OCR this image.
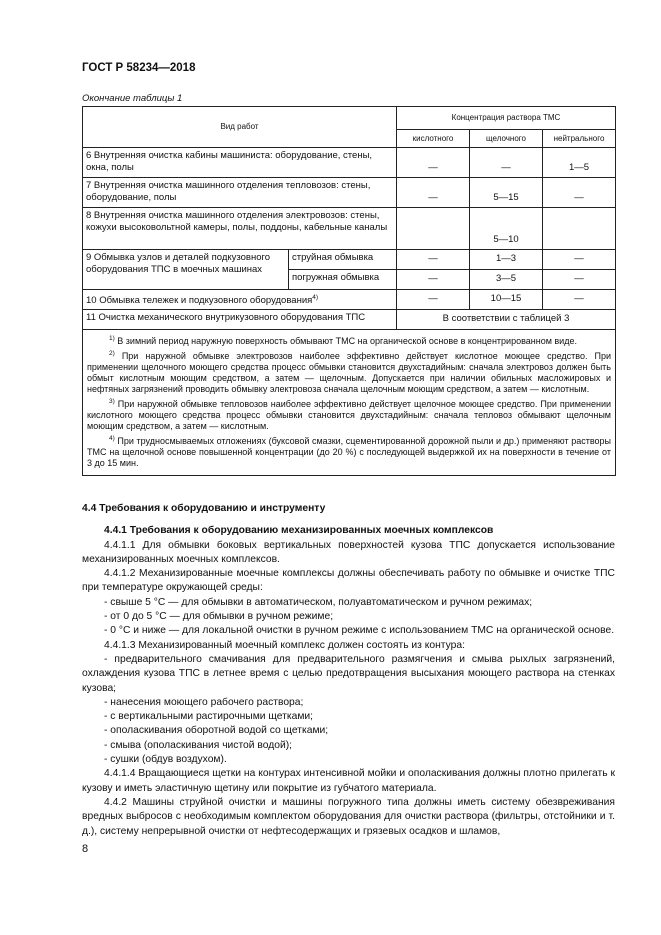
ГОСТ Р 58234—2018
Окончание таблицы 1
Вид работ		Концентрация раствора ТМС		
		кислотного	щелочного	нейтрального
6 Внутренняя очистка кабины машиниста: оборудование, стены, окна, полы		—	—	1—5
7 Внутренняя очистка машинного отделения тепловозов: стены, оборудование, полы		—	5—15	—
8 Внутренняя очистка машинного отделения электровозов: стены, кожухи высоковольтной камеры, полы, поддоны, кабельные каналы			5—10	
9 Обмывка узлов и деталей подкузовного оборудования ТПС в моечных машинах	струйная обмывка	—	1—3	—
	погружная обмывка	—	3—5	—
10 Обмывка тележек и подкузовного оборудования$^{4)}$		—	10—15	—
11 Очистка механического внутрикузовного оборудования ТПС		В соответствии с таблицей 3		

$^{1)}$ В зимний период наружную поверхность обмывают ТМС на органической основе в концентрированном виде.

$^{2)}$ При наружной обмывке электровозов наиболее эффективно действует кислотное моющее средство. При применении щелочного моющего средства процесс обмывки становится двухстадийным: сначала электровоз должен быть обмыт кислотным моющим средством, а затем — щелочным. Допускается при наличии обильных масложировых и нефтяных загрязнений проводить обмывку электровоза сначала щелочным моющим средством, а затем — кислотным.

$^{3)}$ При наружной обмывке тепловозов наиболее эффективно действует щелочное моющее средство. При применении кислотного моющего средства процесс обмывки становится двухстадийным: сначала тепловоз обмывают щелочным моющим средством, а затем — кислотным.

$^{4)}$ При трудносмываемых отложениях (буксовой смазки, сцементированной дорожной пыли и др.) применяют растворы ТМС на щелочной основе повышенной концентрации (до 20 %) с последующей выдержкой их на поверхности в течение от 3 до 15 мин.				

4.4 Требования к оборудованию и инструменту

4.4.1 Требования к оборудованию механизированных моечных комплексов

4.4.1.1 Для обмывки боковых вертикальных поверхностей кузова ТПС допускается использование механизированных моечных комплексов.

4.4.1.2 Механизированные моечные комплексы должны обеспечивать работу по обмывке и очистке ТПС при температуре окружающей среды:

- свыше 5 °С — для обмывки в автоматическом, полуавтоматическом и ручном режимах;

- от 0 до 5 °С — для обмывки в ручном режиме;

- 0 °С и ниже — для локальной очистки в ручном режиме с использованием ТМС на органической основе.

4.4.1.3 Механизированный моечный комплекс должен состоять из контура:

- предварительного смачивания для предварительного размягчения и смыва рыхлых загрязнений, охлаждения кузова ТПС в летнее время с целью предотвращения высыхания моющего раствора на стенках кузова;

- нанесения моющего рабочего раствора;

- с вертикальными растирочными щетками;

- ополаскивания оборотной водой со щетками;

- смыва (ополаскивания чистой водой);

- сушки (обдув воздухом).

4.4.1.4 Вращающиеся щетки на контурах интенсивной мойки и ополаскивания должны плотно прилегать к кузову и иметь эластичную щетину или покрытие из губчатого материала.

4.4.2 Машины струйной очистки и машины погружного типа должны иметь систему обезвреживания вредных выбросов с необходимым комплектом оборудования для очистки раствора (фильтры, отстойники и т. д.), систему непрерывной очистки от нефтесодержащих и грязевых осадков и шламов,

8
